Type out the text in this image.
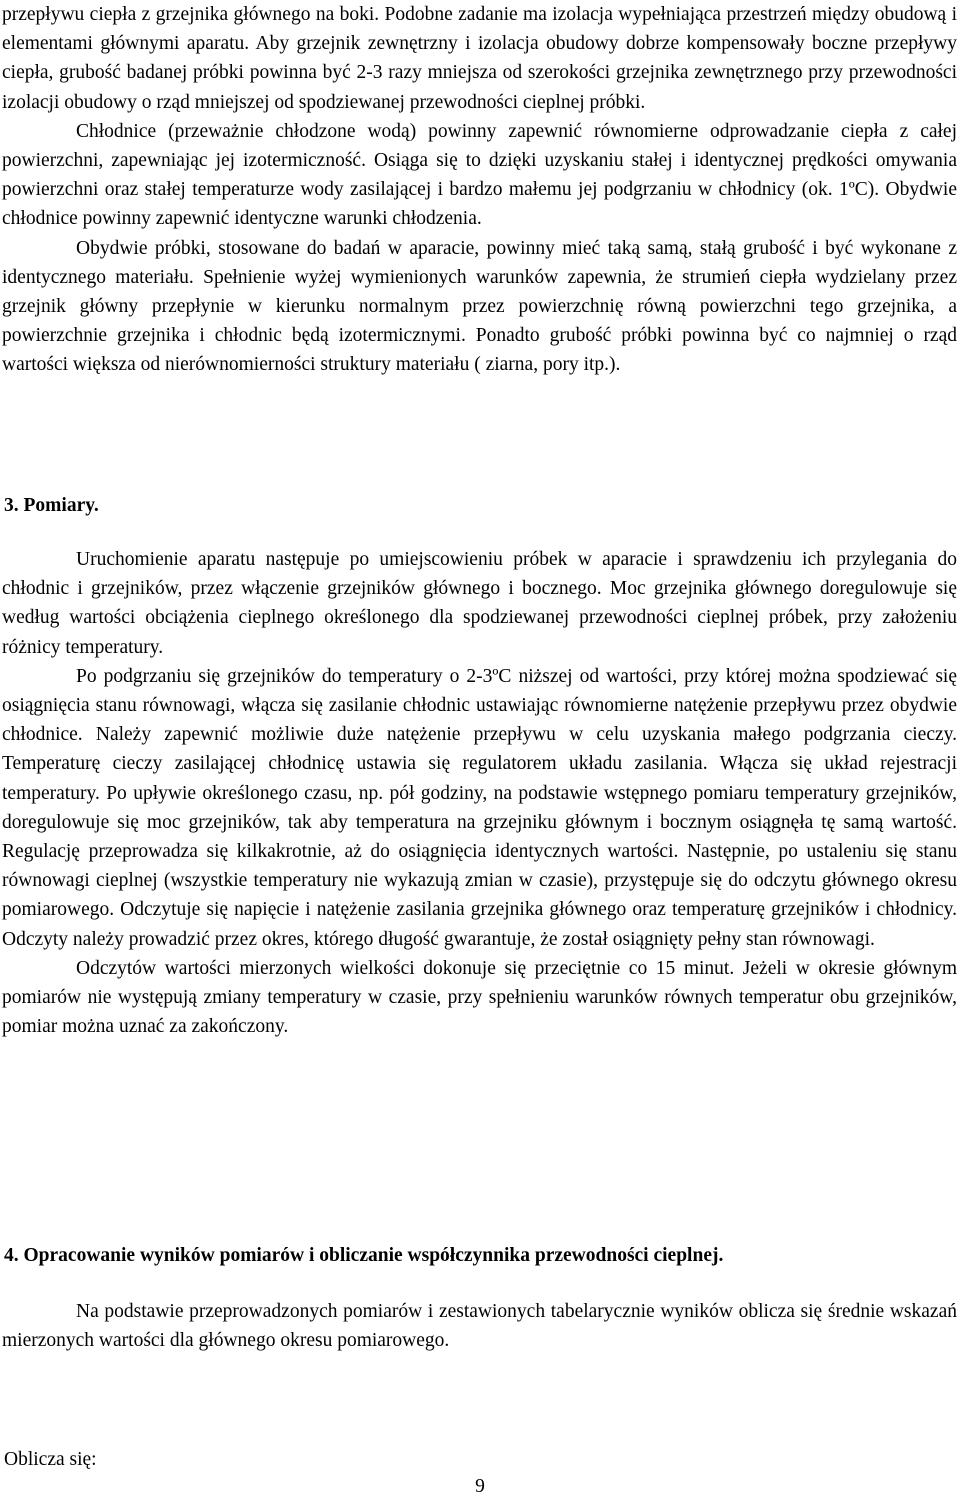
przepływu ciepła z grzejnika głównego na boki. Podobne zadanie ma izolacja wypełniająca przestrzeń między obudową i elementami głównymi aparatu. Aby grzejnik zewnętrzny i izolacja obudowy dobrze kompensowały boczne przepływy ciepła, grubość badanej próbki powinna być 2-3 razy mniejsza od szerokości grzejnika zewnętrznego przy przewodności izolacji obudowy o rząd mniejszej od spodziewanej przewodności cieplnej próbki.

Chłodnice (przeważnie chłodzone wodą) powinny zapewnić równomierne odprowadzanie ciepła z całej powierzchni, zapewniając jej izotermiczność. Osiąga się to dzięki uzyskaniu stałej i identycznej prędkości omywania powierzchni oraz stałej temperaturze wody zasilającej i bardzo małemu jej podgrzaniu w chłodnicy (ok. 1ºC). Obydwie chłodnice powinny zapewnić identyczne warunki chłodzenia.

Obydwie próbki, stosowane do badań w aparacie, powinny mieć taką samą, stałą grubość i być wykonane z identycznego materiału. Spełnienie wyżej wymienionych warunków zapewnia, że strumień ciepła wydzielany przez grzejnik główny przepłynie w kierunku normalnym przez powierzchnię równą powierzchni tego grzejnika, a powierzchnie grzejnika i chłodnic będą izotermicznymi. Ponadto grubość próbki powinna być co najmniej o rząd wartości większa od nierównomierności struktury materiału ( ziarna, pory itp.).

3. Pomiary.

Uruchomienie aparatu następuje po umiejscowieniu próbek w aparacie i sprawdzeniu ich przylegania do chłodnic i grzejników, przez włączenie grzejników głównego i bocznego. Moc grzejnika głównego doregulowuje się według wartości obciążenia cieplnego określonego dla spodziewanej przewodności cieplnej próbek, przy założeniu różnicy temperatury.

Po podgrzaniu się grzejników do temperatury o 2-3ºC niższej od wartości, przy której można spodziewać się osiągnięcia stanu równowagi, włącza się zasilanie chłodnic ustawiając równomierne natężenie przepływu przez obydwie chłodnice. Należy zapewnić możliwie duże natężenie przepływu w celu uzyskania małego podgrzania cieczy. Temperaturę cieczy zasilającej chłodnicę ustawia się regulatorem układu zasilania. Włącza się układ rejestracji temperatury. Po upływie określonego czasu, np. pół godziny, na podstawie wstępnego pomiaru temperatury grzejników, doregulowuje się moc grzejników, tak aby temperatura na grzejniku głównym i bocznym osiągnęła tę samą wartość. Regulację przeprowadza się kilkakrotnie, aż do osiągnięcia identycznych wartości. Następnie, po ustaleniu się stanu równowagi cieplnej (wszystkie temperatury nie wykazują zmian w czasie), przystępuje się do odczytu głównego okresu pomiarowego. Odczytuje się napięcie i natężenie zasilania grzejnika głównego oraz temperaturę grzejników i chłodnicy. Odczyty należy prowadzić przez okres, którego długość gwarantuje, że został osiągnięty pełny stan równowagi.

Odczytów wartości mierzonych wielkości dokonuje się przeciętnie co 15 minut. Jeżeli w okresie głównym pomiarów nie występują zmiany temperatury w czasie, przy spełnieniu warunków równych temperatur obu grzejników, pomiar można uznać za zakończony.

4. Opracowanie wyników pomiarów i obliczanie współczynnika przewodności cieplnej.

Na podstawie przeprowadzonych pomiarów i zestawionych tabelarycznie wyników oblicza się średnie wskazań mierzonych wartości dla głównego okresu pomiarowego.

Oblicza się:

9
